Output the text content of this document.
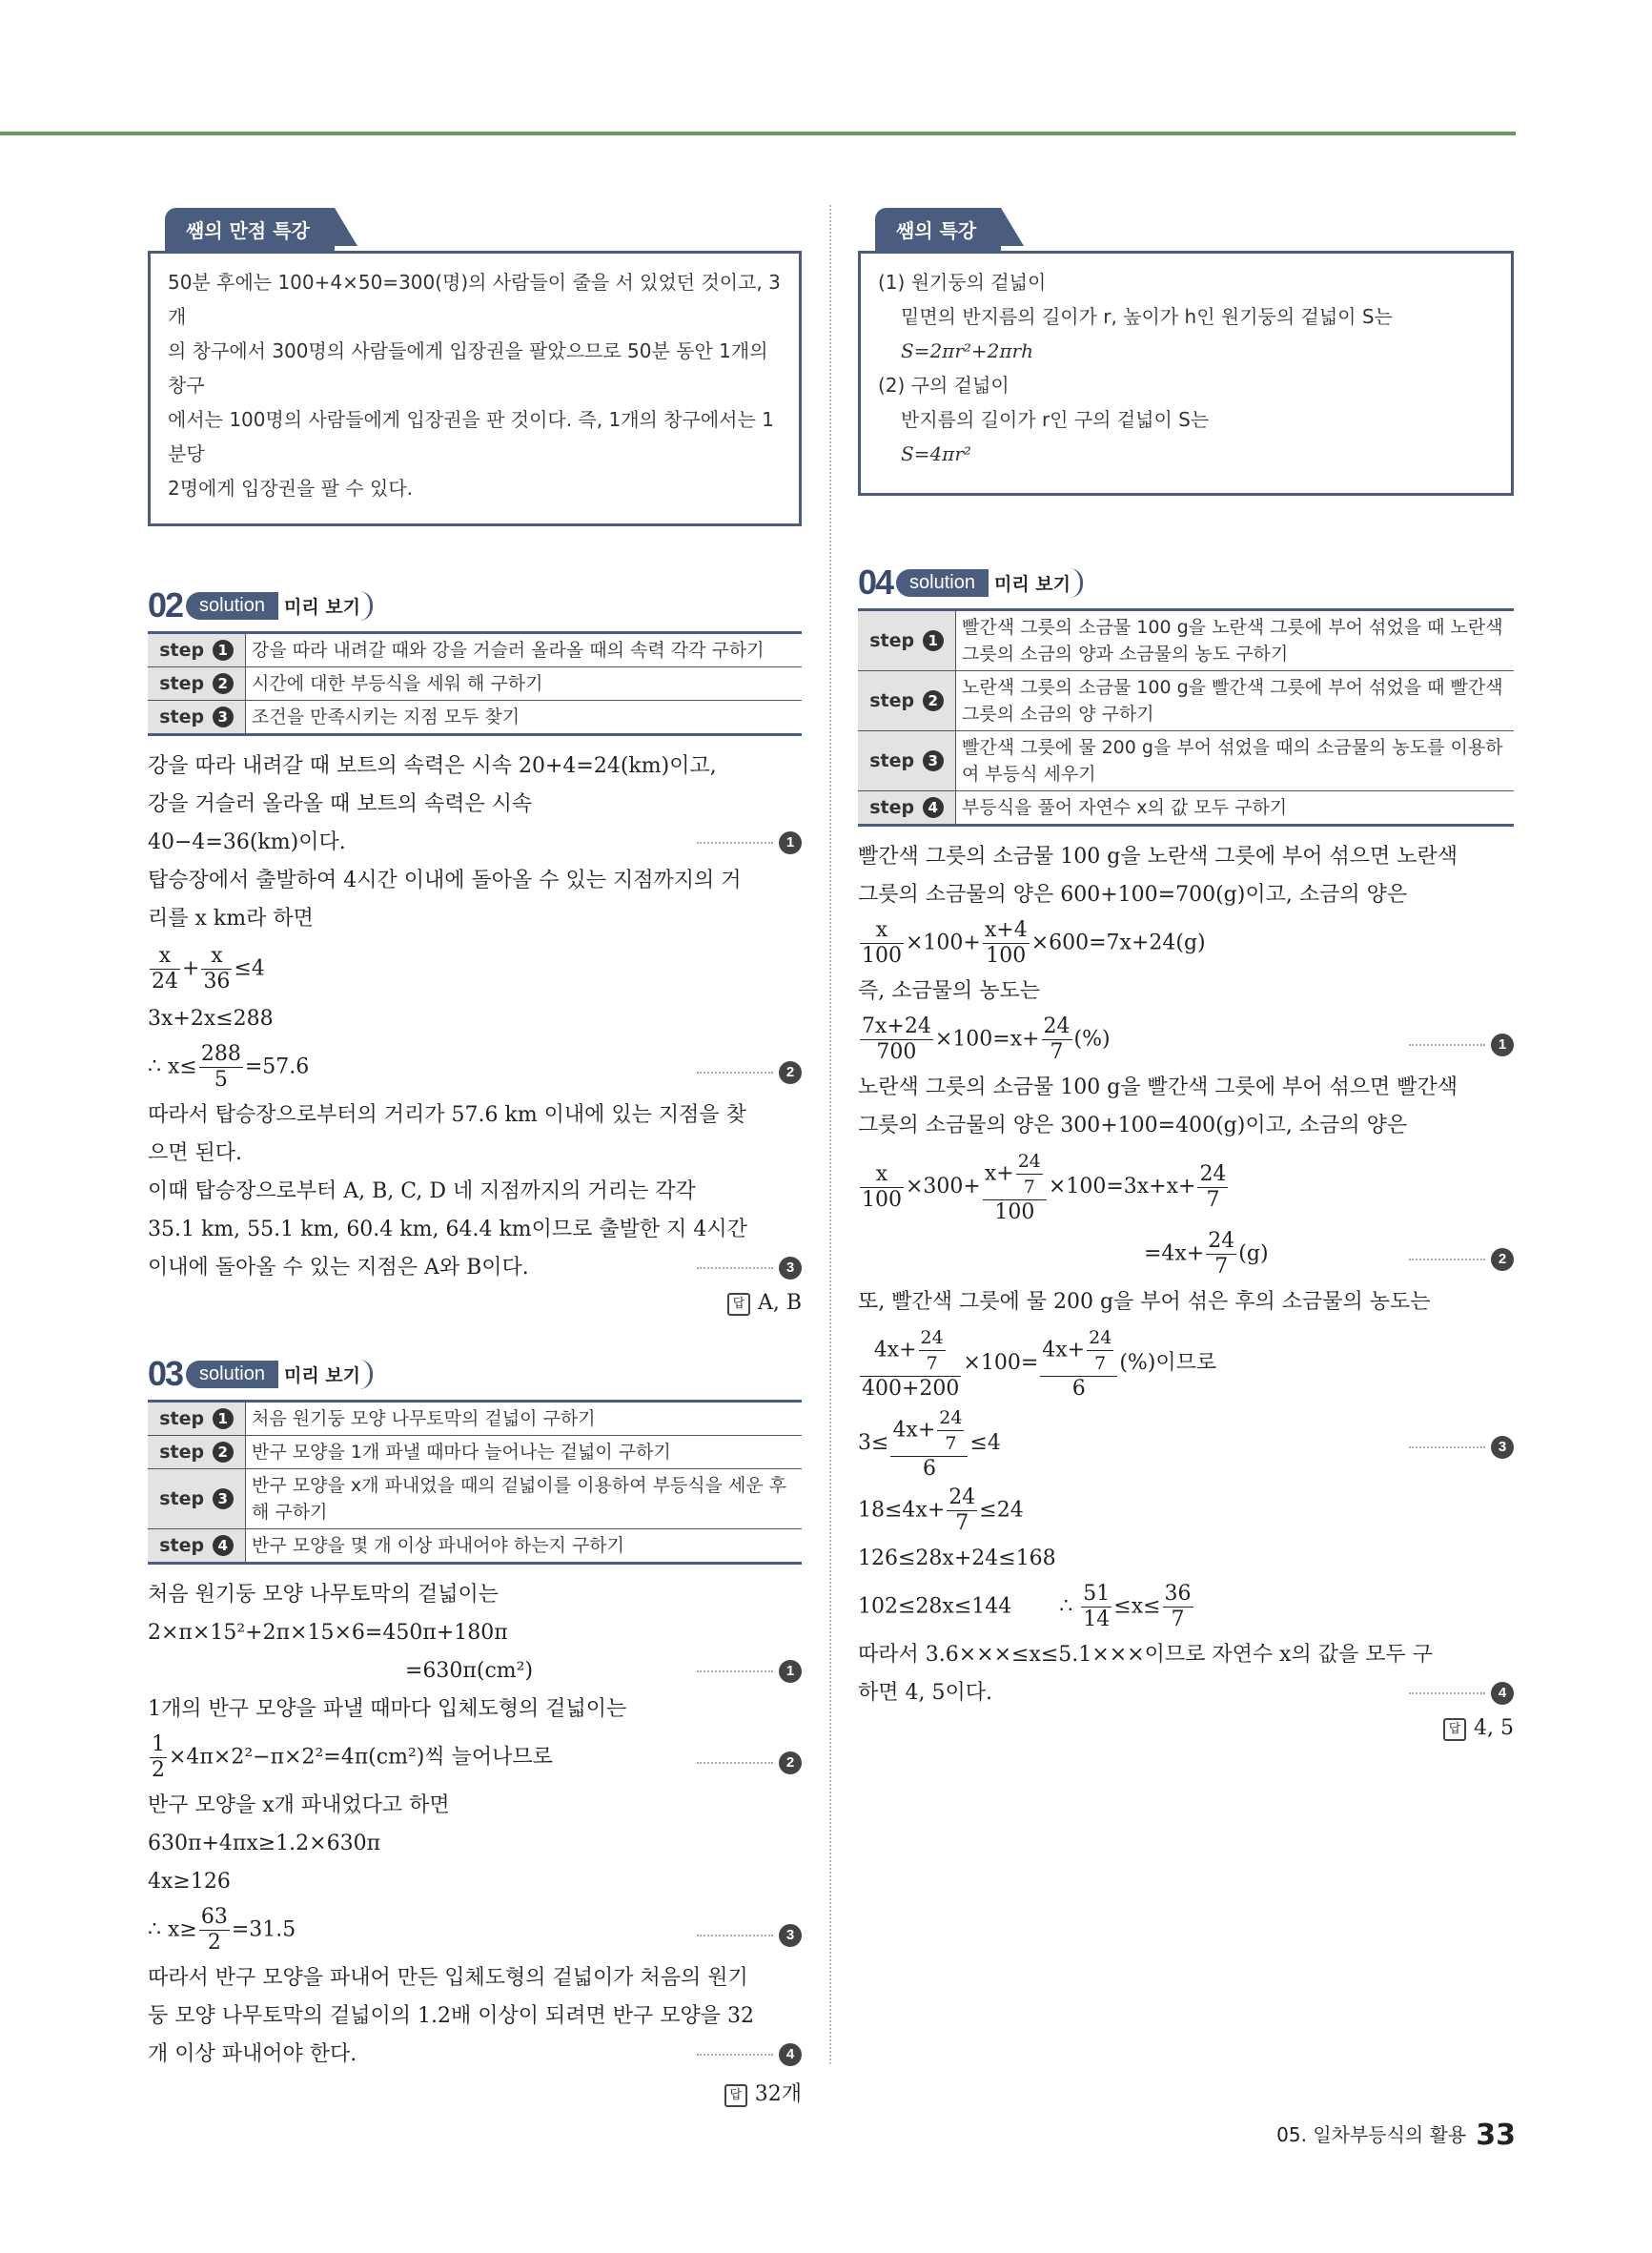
쌤의 만점 특강
50분 후에는 100+4×50=300(명)의 사람들이 줄을 서 있었던 것이고, 3개
의 창구에서 300명의 사람들에게 입장권을 팔았으므로 50분 동안 1개의 창구
에서는 100명의 사람들에게 입장권을 판 것이다. 즉, 1개의 창구에서는 1분당
2명에게 입장권을 팔 수 있다.
02 solution	미리 보기
step 1	강을 따라 내려갈 때와 강을 거슬러 올라올 때의 속력 각각 구하기
step 2	시간에 대한 부등식을 세워 해 구하기
step 3	조건을 만족시키는 지점 모두 찾기
강을 따라 내려갈 때 보트의 속력은 시속 20+4=24(km)이고,
강을 거슬러 올라올 때 보트의 속력은 시속
40−4=36(km)이다.	1
탑승장에서 출발하여 4시간 이내에 돌아올 수 있는 지점까지의 거
리를 x km라 하면
$\frac{x}{24} + \frac{x}{36} \le 4$
3x+2x≤288
∴ $x\le \frac{288}{5} =57.6$	2
따라서 탑승장으로부터의 거리가 57.6 km 이내에 있는 지점을 찾
으면 된다.
이때 탑승장으로부터 A, B, C, D 네 지점까지의 거리는 각각
35.1 km, 55.1 km, 60.4 km, 64.4 km이므로 출발한 지 4시간
이내에 돌아올 수 있는 지점은 A와 B이다.	3
답 A, B
03 solution	미리 보기
step 1	처음 원기둥 모양 나무토막의 겉넓이 구하기
step 2	반구 모양을 1개 파낼 때마다 늘어나는 겉넓이 구하기
step 3	반구 모양을 x개 파내었을 때의 겉넓이를 이용하여 부등식을 세운 후 해 구하기
step 4	반구 모양을 몇 개 이상 파내어야 하는지 구하기
처음 원기둥 모양 나무토막의 겉넓이는
2×π×15²+2π×15×6=450π+180π
=630π(cm²)	1
1개의 반구 모양을 파낼 때마다 입체도형의 겉넓이는
$\frac{1}{2} \times 4\pi\times 2^2-\pi\times 2^2=4\pi(cm^2)$씩 늘어나므로	2
반구 모양을 x개 파내었다고 하면
630π+4πx≥1.2×630π
4x≥126
∴ $x\ge \frac{63}{2} =31.5$	3
따라서 반구 모양을 파내어 만든 입체도형의 겉넓이가 처음의 원기
둥 모양 나무토막의 겉넓이의 1.2배 이상이 되려면 반구 모양을 32
개 이상 파내어야 한다.	4
답 32개
쌤의 특강
(1) 원기둥의 겉넓이
밑면의 반지름의 길이가 r, 높이가 h인 원기둥의 겉넓이 S는
S=2πr²+2πrh
(2) 구의 겉넓이
반지름의 길이가 r인 구의 겉넓이 S는
S=4πr²
04 solution	미리 보기
step 1	빨간색 그릇의 소금물 100 g을 노란색 그릇에 부어 섞었을 때 노란색 그릇의 소금의 양과 소금물의 농도 구하기
step 2	노란색 그릇의 소금물 100 g을 빨간색 그릇에 부어 섞었을 때 빨간색 그릇의 소금의 양 구하기
step 3	빨간색 그릇에 물 200 g을 부어 섞었을 때의 소금물의 농도를 이용하여 부등식 세우기
step 4	부등식을 풀어 자연수 x의 값 모두 구하기
빨간색 그릇의 소금물 100 g을 노란색 그릇에 부어 섞으면 노란색
그릇의 소금물의 양은 600+100=700(g)이고, 소금의 양은
$\frac{x}{100} \times 100+ \frac{x+4}{100} \times 600=7x+24(g)$
즉, 소금물의 농도는
$\frac{7x+24}{700} \times 100=x+ \frac{24}{7}$ (%)	1
노란색 그릇의 소금물 100 g을 빨간색 그릇에 부어 섞으면 빨간색
그릇의 소금물의 양은 300+100=400(g)이고, 소금의 양은
$\frac{x}{100} \times 300+ \frac{x+ \frac{24}{7}}{100} \times 100=3x+x+ \frac{24}{7}$
$=4x+ \frac{24}{7} (g)$	2
또, 빨간색 그릇에 물 200 g을 부어 섞은 후의 소금물의 농도는
$\frac{4x+ \frac{24}{7}}{400+200} \times 100= \frac{4x+ \frac{24}{7}}{6}$ (%)이므로
$3\le \frac{4x+ \frac{24}{7}}{6} \le 4$	3
$18\le 4x+ \frac{24}{7} \le 24$
126≤28x+24≤168
102≤28x≤144 ∴ $\frac{51}{14} \le x\le \frac{36}{7}$
따라서 3.6×××≤x≤5.1×××이므로 자연수 x의 값을 모두 구
하면 4, 5이다.	4
답 4, 5
05. 일차부등식의 활용 33
